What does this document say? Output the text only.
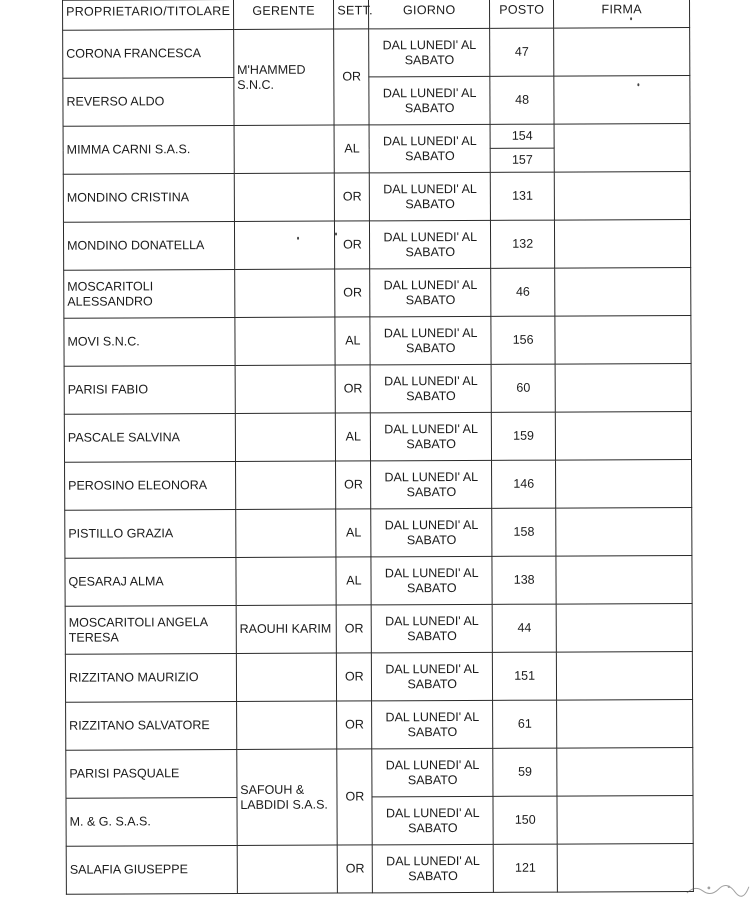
PROPRIETARIO/TITOLARE	GERENTE	SETT.	GIORNO	POSTO	FIRMA
CORONA FRANCESCA	M'HAMMED S.N.C.	OR	DAL LUNEDI' AL SABATO	47	
REVERSO ALDO			DAL LUNEDI' AL SABATO	48	
MIMMA CARNI S.A.S.		AL	DAL LUNEDI' AL SABATO	154	
				157	
MONDINO CRISTINA		OR	DAL LUNEDI' AL SABATO	131	
MONDINO DONATELLA		OR	DAL LUNEDI' AL SABATO	132	
MOSCARITOLI ALESSANDRO		OR	DAL LUNEDI' AL SABATO	46	
MOVI S.N.C.		AL	DAL LUNEDI' AL SABATO	156	
PARISI FABIO		OR	DAL LUNEDI' AL SABATO	60	
PASCALE SALVINA		AL	DAL LUNEDI' AL SABATO	159	
PEROSINO ELEONORA		OR	DAL LUNEDI' AL SABATO	146	
PISTILLO GRAZIA		AL	DAL LUNEDI' AL SABATO	158	
QESARAJ ALMA		AL	DAL LUNEDI' AL SABATO	138	
MOSCARITOLI ANGELA TERESA	RAOUHI KARIM	OR	DAL LUNEDI' AL SABATO	44	
RIZZITANO MAURIZIO		OR	DAL LUNEDI' AL SABATO	151	
RIZZITANO SALVATORE		OR	DAL LUNEDI' AL SABATO	61	
PARISI PASQUALE	SAFOUH & LABDIDI S.A.S.	OR	DAL LUNEDI' AL SABATO	59	
M. & G. S.A.S.			DAL LUNEDI' AL SABATO	150	
SALAFIA GIUSEPPE		OR	DAL LUNEDI' AL SABATO	121	
